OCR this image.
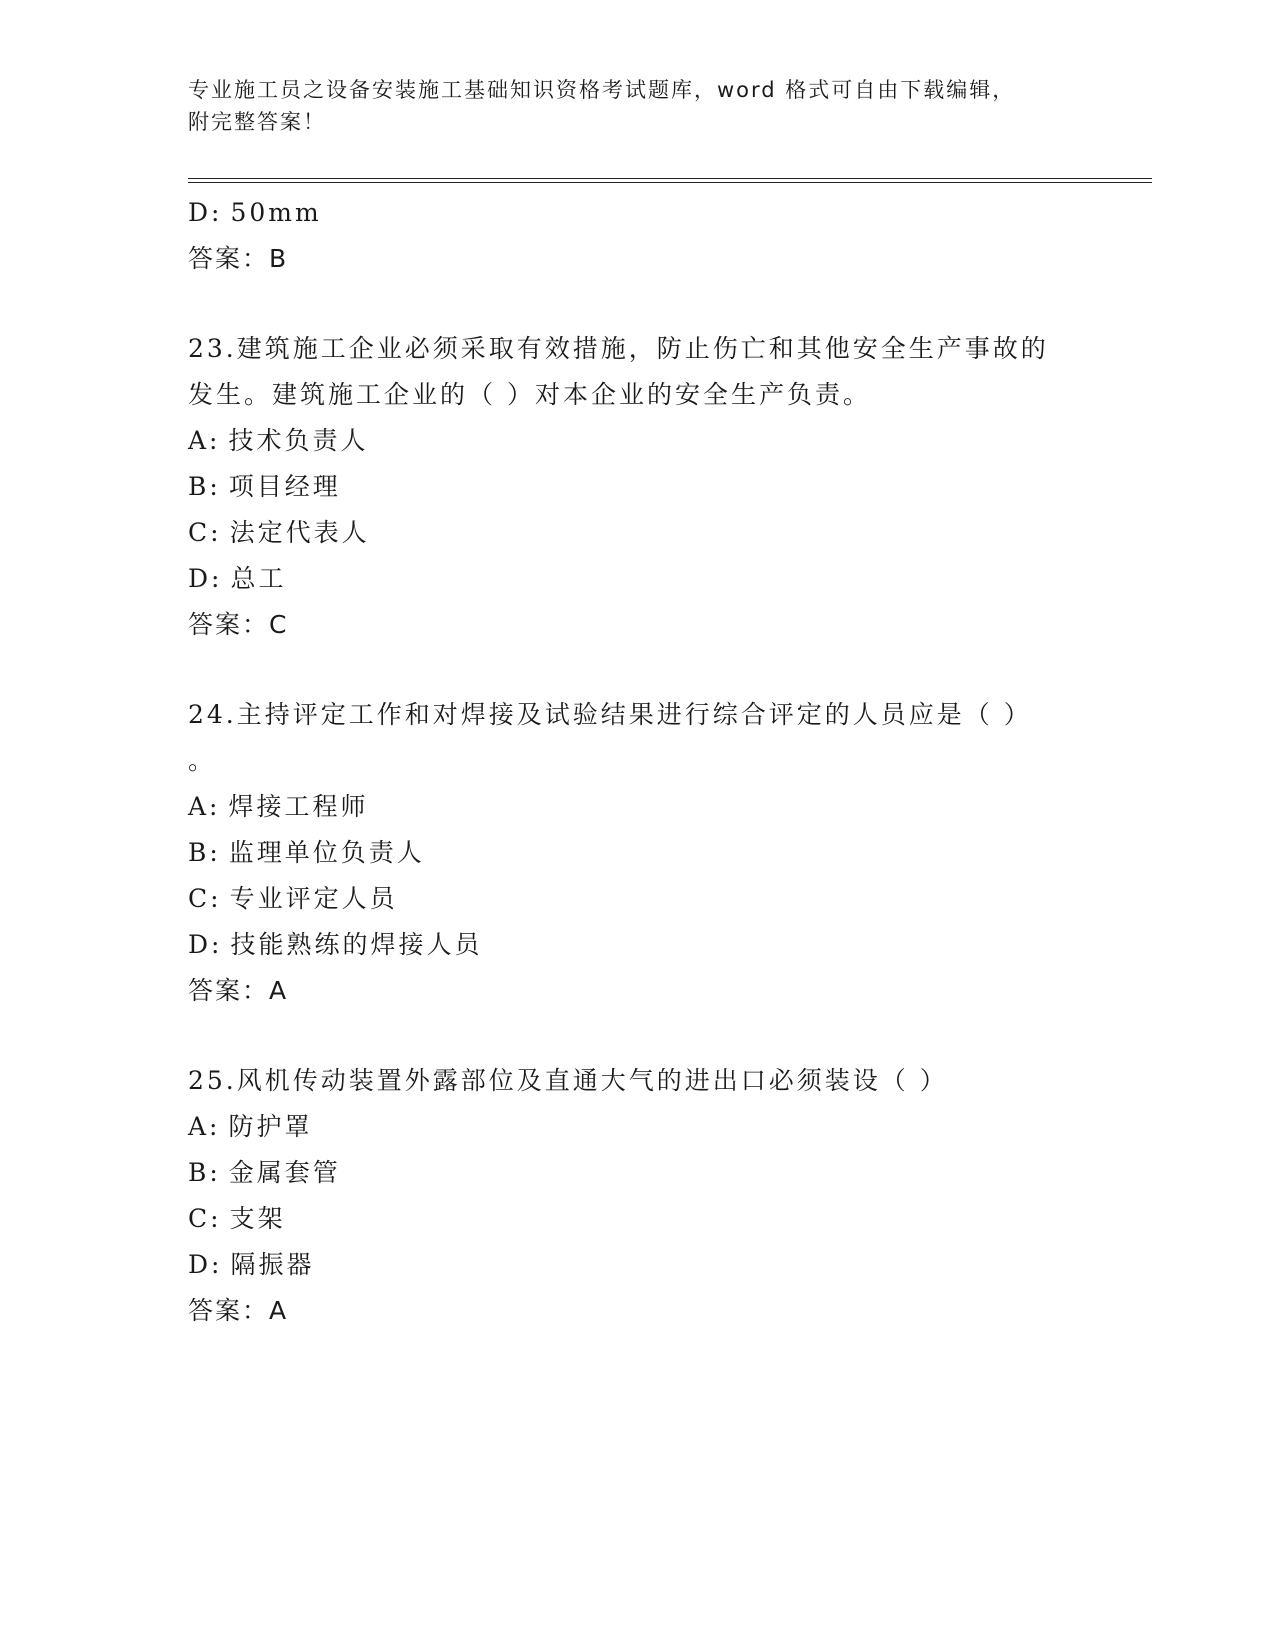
专业施工员之设备安装施工基础知识资格考试题库，word 格式可自由下载编辑，
附完整答案！
D: 50mm
答案：B
23.建筑施工企业必须采取有效措施，防止伤亡和其他安全生产事故的
发生。建筑施工企业的（ ）对本企业的安全生产负责。
A: 技术负责人
B: 项目经理
C: 法定代表人
D: 总工
答案：C
24.主持评定工作和对焊接及试验结果进行综合评定的人员应是（ ）
。
A: 焊接工程师
B: 监理单位负责人
C: 专业评定人员
D: 技能熟练的焊接人员
答案：A
25.风机传动装置外露部位及直通大气的进出口必须装设（ ）
A: 防护罩
B: 金属套管
C: 支架
D: 隔振器
答案：A
